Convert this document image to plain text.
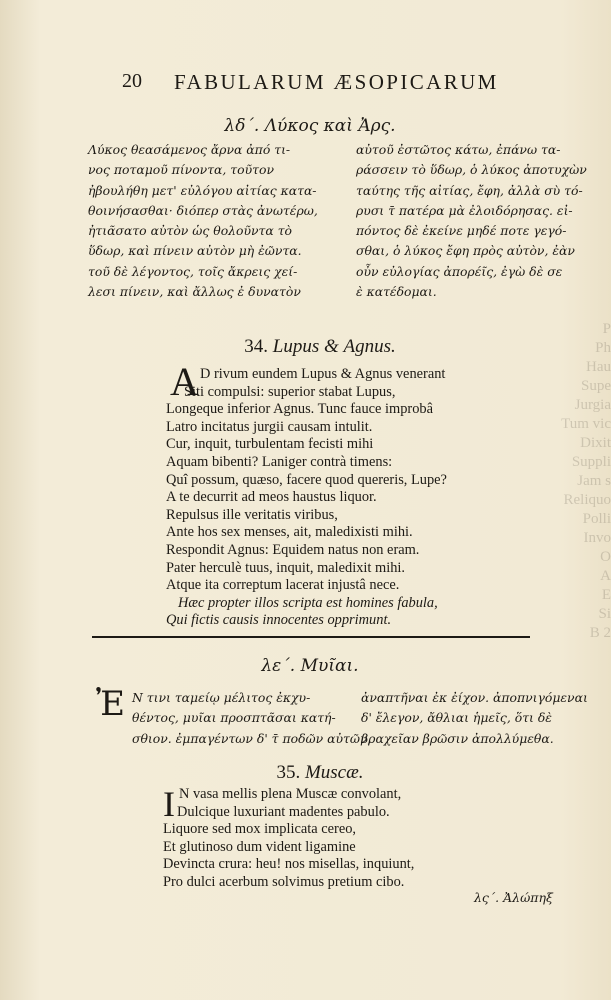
P
Ph
Hau
Supe
Jurgia
Tum vic
Dixit
Suppli
Jam s
Reliquo
Polli
Invo
O
A
E
Si
B 2
20 FABULARUM ÆSOPICARUM
λδ΄. Λύκος καὶ Ἀρς.
Λύκος θεασάμενος ἄρνα ἀπό τι-
νος ποταμοῦ πίνοντα, τοῦτον
ἠβουλήθη μετ' εὐλόγου αἰτίας κατα-
θοινήσασθαι· διόπερ στὰς ἀνωτέρω,
ἠτιᾶσατο αὐτὸν ὡς θολοῦντα τὸ
ὕδωρ, καὶ πίνειν αὐτὸν μὴ ἐῶντα.
τοῦ δὲ λέγοντος, τοῖς ἄκρεις χεί-
λεσι πίνειν, καὶ ἄλλως ἐ δυνατὸν
αὐτοῦ ἐστῶτος κάτω, ἐπάνω τα-
ράσσειν τὸ ὕδωρ, ὁ λύκος ἀποτυχὼν
ταύτης τῆς αἰτίας, ἔφη, ἀλλὰ σὺ τό-
ρυσι τ̄ πατέρα μὰ ἐλοιδόρησας. εἰ-
πόντος δὲ ἐκείνε μηδέ ποτε γεγό-
σθαι, ὁ λύκος ἔφη πρὸς αὐτὸν, ἐὰν
οὖν εὐλογίας ἀπορέῖς, ἐγὼ δὲ σε
ὲ κατέδομαι.
34. Lupus & Agnus.
A D rivum eundem Lupus & Agnus venerant
Siti compulsi: superior stabat Lupus,
Longeque inferior Agnus. Tunc fauce improbâ
Latro incitatus jurgii causam intulit.
Cur, inquit, turbulentam fecisti mihi
Aquam bibenti? Laniger contrà timens:
Quî possum, quæso, facere quod quereris, Lupe?
A te decurrit ad meos haustus liquor.
Repulsus ille veritatis viribus,
Ante hos sex menses, ait, maledixisti mihi.
Respondit Agnus: Equidem natus non eram.
Pater herculè tuus, inquit, maledixit mihi.
Atque ita correptum lacerat injustâ nece.
Hæc propter illos scripta est homines fabula,
Qui fictis causis innocentes opprimunt.
λε΄. Μυῖαι.
Ἐ Ν τινι ταμείῳ μέλιτος ἐκχυ-
θέντος, μυῖαι προσπτᾶσαι κατή-
σθιον. ἐμπαγέντων δ' τ̄ ποδῶν αὐτῶν,
ἀναπτῆναι ἐκ ἐίχον. ἀποπνιγόμεναι
δ' ἔλεγον, ἄθλιαι ἡμεῖς, ὅτι δὲ
βραχεῖαν βρῶσιν ἀπολλύμεθα.
35. Muscæ.
I N vasa mellis plena Muscæ convolant,
Dulcique luxuriant madentes pabulo.
Liquore sed mox implicata cereo,
Et glutinoso dum vident ligamine
Devincta crura: heu! nos misellas, inquiunt,
Pro dulci acerbum solvimus pretium cibo.
λς΄. Ἀλώπηξ
